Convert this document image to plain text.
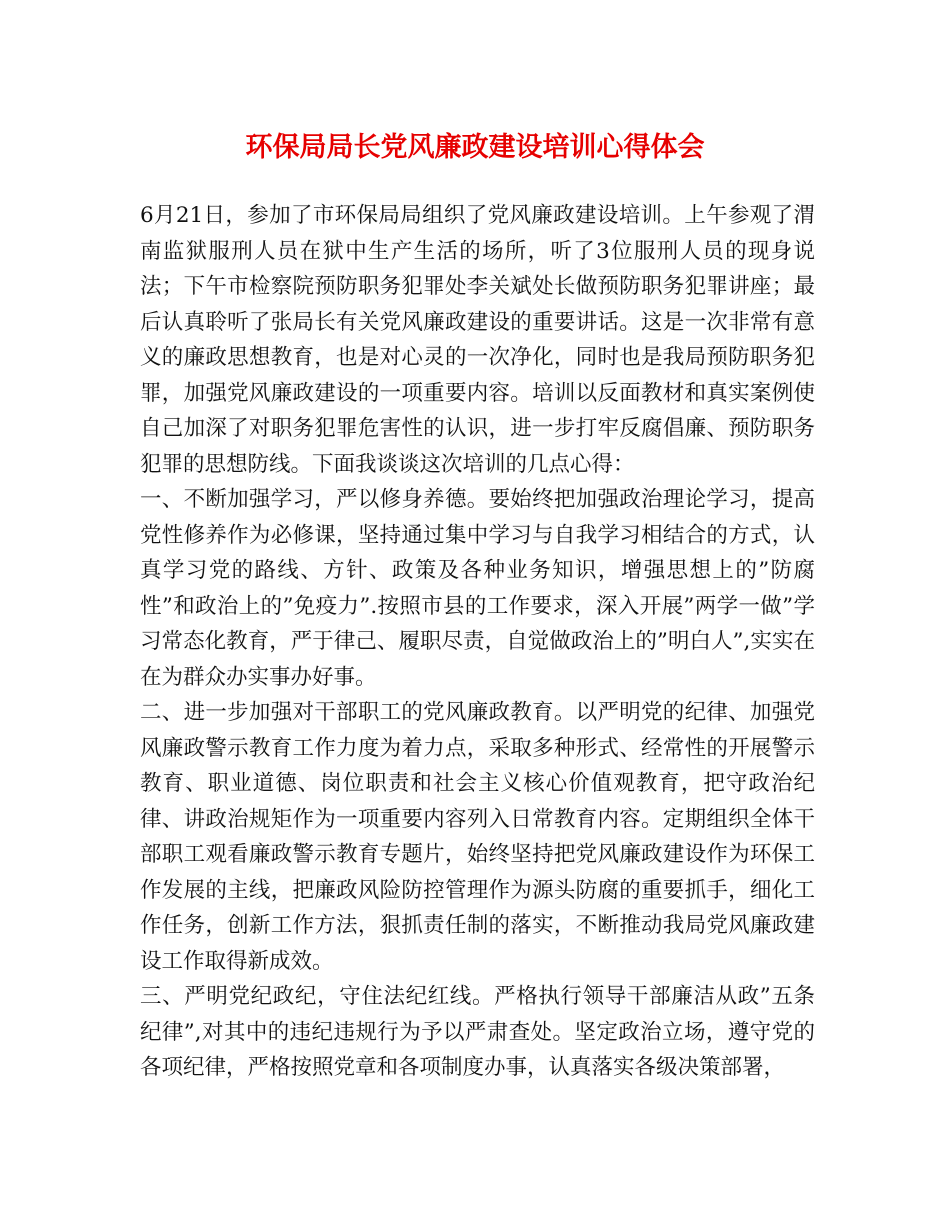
环保局局长党风廉政建设培训心得体会

6月21日，参加了市环保局局组织了党风廉政建设培训。上午参观了渭南监狱服刑人员在狱中生产生活的场所，听了3位服刑人员的现身说法；下午市检察院预防职务犯罪处李关斌处长做预防职务犯罪讲座；最后认真聆听了张局长有关党风廉政建设的重要讲话。这是一次非常有意义的廉政思想教育，也是对心灵的一次净化，同时也是我局预防职务犯罪，加强党风廉政建设的一项重要内容。培训以反面教材和真实案例使自己加深了对职务犯罪危害性的认识，进一步打牢反腐倡廉、预防职务犯罪的思想防线。下面我谈谈这次培训的几点心得：

一、不断加强学习，严以修身养德。要始终把加强政治理论学习，提高党性修养作为必修课，坚持通过集中学习与自我学习相结合的方式，认真学习党的路线、方针、政策及各种业务知识，增强思想上的”防腐性”和政治上的”免疫力”.按照市县的工作要求，深入开展”两学一做”学习常态化教育，严于律己、履职尽责，自觉做政治上的”明白人”,实实在在为群众办实事办好事。

二、进一步加强对干部职工的党风廉政教育。以严明党的纪律、加强党风廉政警示教育工作力度为着力点，采取多种形式、经常性的开展警示教育、职业道德、岗位职责和社会主义核心价值观教育，把守政治纪律、讲政治规矩作为一项重要内容列入日常教育内容。定期组织全体干部职工观看廉政警示教育专题片，始终坚持把党风廉政建设作为环保工作发展的主线，把廉政风险防控管理作为源头防腐的重要抓手，细化工作任务，创新工作方法，狠抓责任制的落实，不断推动我局党风廉政建设工作取得新成效。

三、严明党纪政纪，守住法纪红线。严格执行领导干部廉洁从政”五条纪律”,对其中的违纪违规行为予以严肃查处。坚定政治立场，遵守党的各项纪律，严格按照党章和各项制度办事，认真落实各级决策部署，
